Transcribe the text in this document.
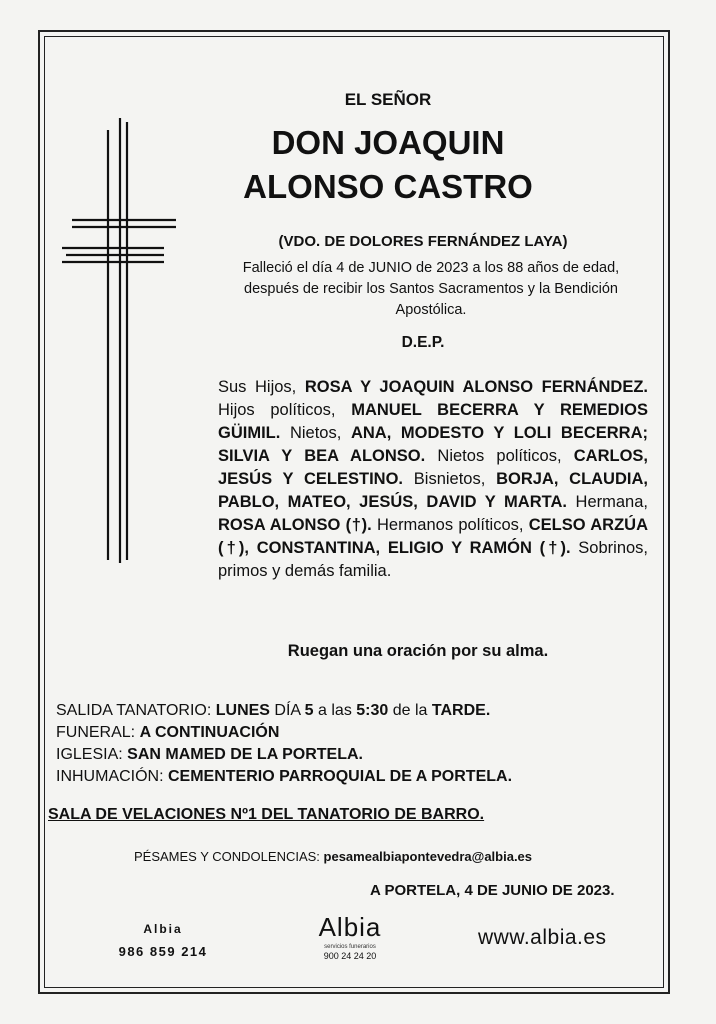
EL SEÑOR
DON JOAQUIN
ALONSO CASTRO
(VDO. DE DOLORES FERNÁNDEZ LAYA)
Falleció el día 4 de JUNIO de 2023 a los 88 años de edad,
después de recibir los Santos Sacramentos y la Bendición
Apostólica.
D.E.P.
Sus Hijos, ROSA Y JOAQUIN ALONSO FERNÁNDEZ. Hijos políticos, MANUEL BECERRA Y REMEDIOS GÜIMIL. Nietos, ANA, MODESTO Y LOLI BECERRA; SILVIA Y BEA ALONSO. Nietos políticos, CARLOS, JESÚS Y CELESTINO. Bisnietos, BORJA, CLAUDIA, PABLO, MATEO, JESÚS, DAVID Y MARTA. Hermana, ROSA ALONSO (†). Hermanos políticos, CELSO ARZÚA (†), CONSTANTINA, ELIGIO Y RAMÓN (†). Sobrinos, primos y demás familia.
Ruegan una oración por su alma.
SALIDA TANATORIO: LUNES DÍA 5 a las 5:30 de la TARDE.
FUNERAL: A CONTINUACIÓN
IGLESIA: SAN MAMED DE LA PORTELA.
INHUMACIÓN: CEMENTERIO PARROQUIAL DE A PORTELA.
SALA DE VELACIONES Nº1 DEL TANATORIO DE BARRO.
PÉSAMES Y CONDOLENCIAS: pesamealbiapontevedra@albia.es
A PORTELA, 4 DE JUNIO DE 2023.
Albia
986 859 214
Albia
servicios funerarios
900 24 24 20
www.albia.es
